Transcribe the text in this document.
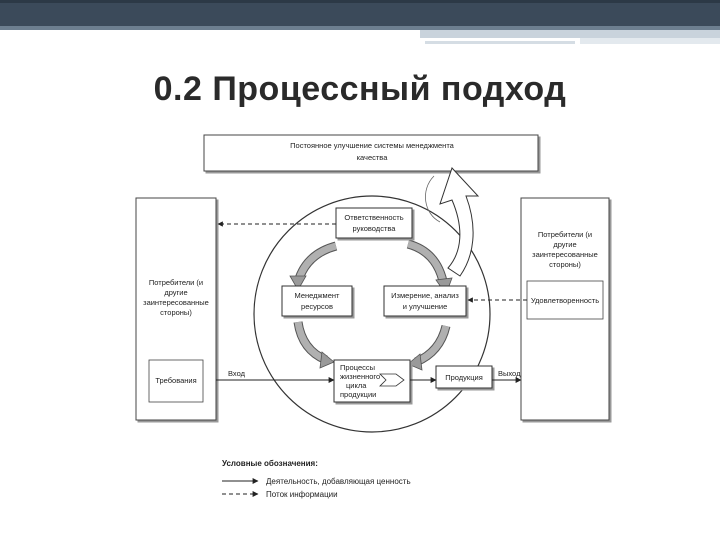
0.2 Процессный подход
Постоянное улучшение системы менеджмента
качества
Потребители (и
другие
заинтересованные
стороны)
Требования
Потребители (и
другие
заинтересованные
стороны)
Удовлетворенность
Ответственность
руководства
Менеджмент
ресурсов
Измерение, анализ
и улучшение
Процессы
жизненного
цикла
продукции
Продукция
Вход	Выход
Условные обозначения:
Деятельность, добавляющая ценность
Поток информации
